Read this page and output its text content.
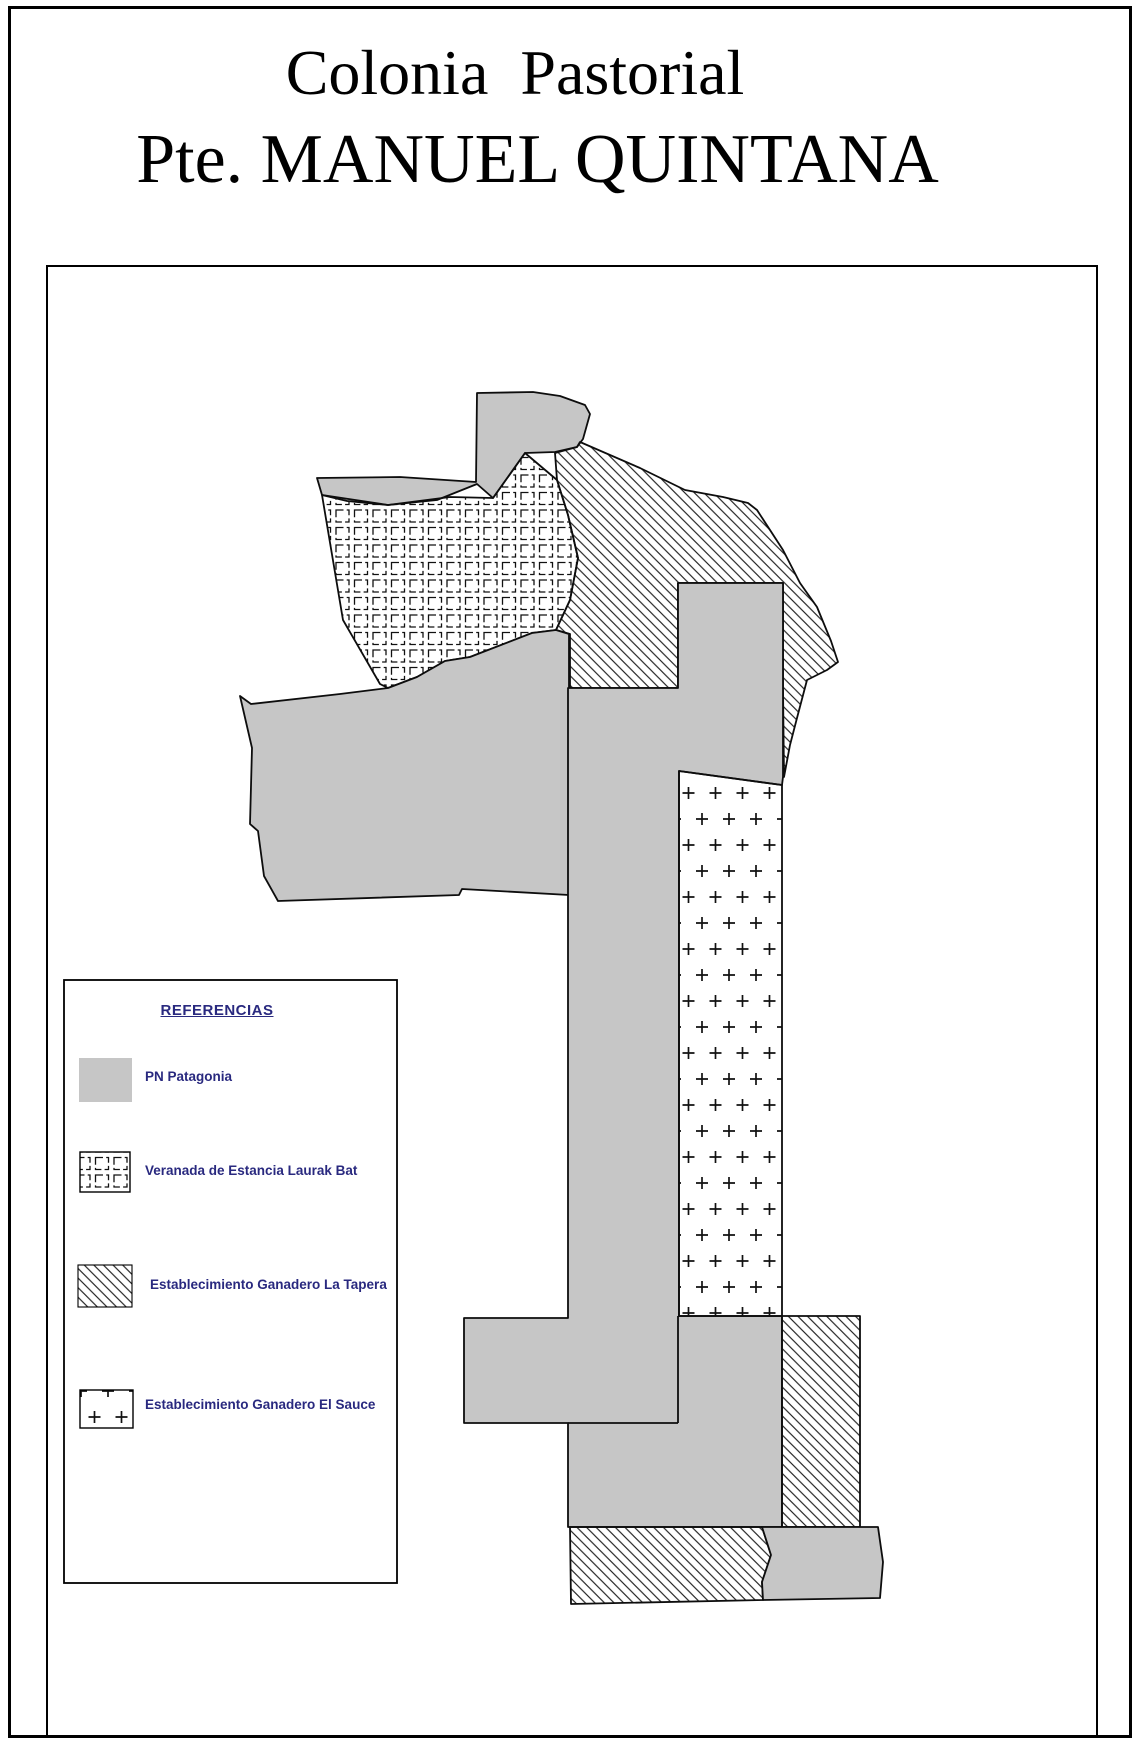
Colonia  Pastorial
Pte. MANUEL QUINTANA
REFERENCIAS
PN Patagonia
Veranada de Estancia Laurak Bat
Establecimiento Ganadero La Tapera
Establecimiento Ganadero El Sauce
